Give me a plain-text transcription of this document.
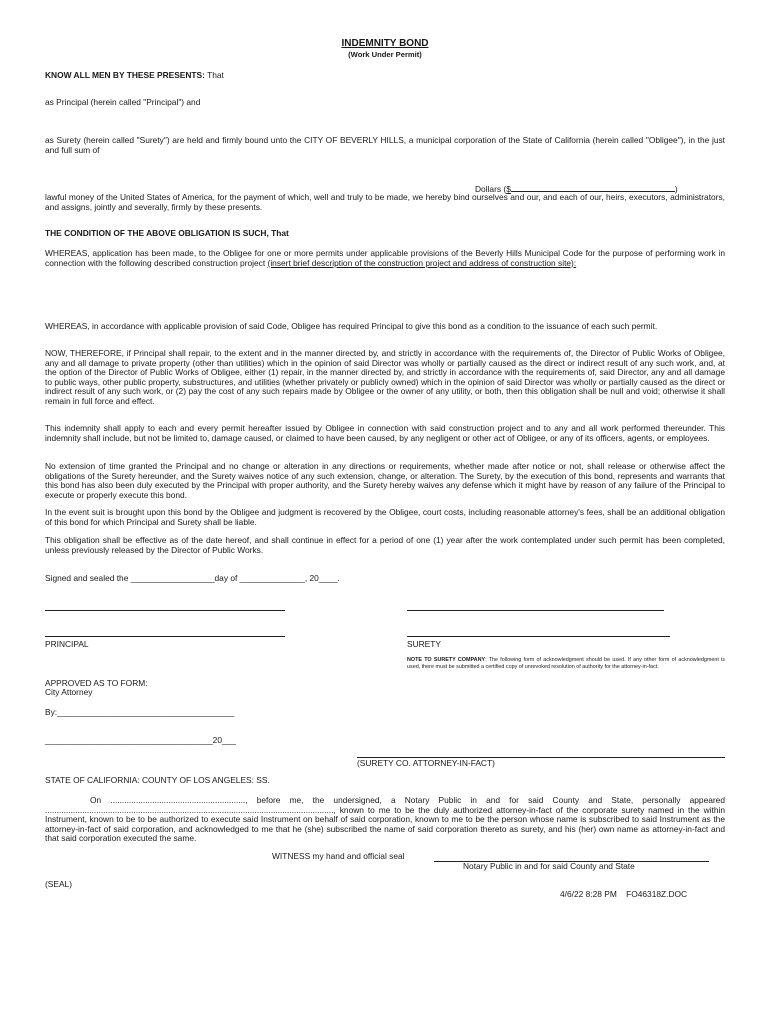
INDEMNITY BOND
(Work Under Permit)
KNOW ALL MEN BY THESE PRESENTS: That
as Principal (herein called "Principal") and
as Surety (herein called "Surety") are held and firmly bound unto the CITY OF BEVERLY HILLS, a municipal corporation of the State of California (herein called "Obligee"), in the just and full sum of
Dollars ($	)
lawful money of the United States of America, for the payment of which, well and truly to be made, we hereby bind ourselves and our, and each of our, heirs, executors, administrators, and assigns, jointly and severally, firmly by these presents.
THE CONDITION OF THE ABOVE OBLIGATION IS SUCH, That
WHEREAS, application has been made, to the Obligee for one or more permits under applicable provisions of the Beverly Hills Municipal Code for the purpose of performing work in connection with the following described construction project (insert brief description of the construction project and address of construction site):
WHEREAS, in accordance with applicable provision of said Code, Obligee has required Principal to give this bond as a condition to the issuance of each such permit.
NOW, THEREFORE, if Principal shall repair, to the extent and in the manner directed by, and strictly in accordance with the requirements of, the Director of Public Works of Obligee, any and all damage to private property (other than utilities) which in the opinion of said Director was wholly or partially caused as the direct or indirect result of any such work, and, at the option of the Director of Public Works of Obligee, either (1) repair, in the manner directed by, and strictly in accordance with the requirements of, said Director, any and all damage to public ways, other public property, substructures, and utilities (whether privately or publicly owned) which in the opinion of said Director was wholly or partially caused as the direct or indirect result of any such work, or (2) pay the cost of any such repairs made by Obligee or the owner of any utility, or both, then this obligation shall be null and void; otherwise it shall remain in full force and effect.
This indemnity shall apply to each and every permit hereafter issued by Obligee in connection with said construction project and to any and all work performed thereunder. This indemnity shall include, but not be limited to, damage caused, or claimed to have been caused, by any negligent or other act of Obligee, or any of its officers, agents, or employees.
No extension of time granted the Principal and no change or alteration in any directions or requirements, whether made after notice or not, shall release or otherwise affect the obligations of the Surety hereunder, and the Surety waives notice of any such extension, change, or alteration. The Surety, by the execution of this bond, represents and warrants that this bond has also been duly executed by the Principal with proper authority, and the Surety hereby waives any defense which it might have by reason of any failure of the Principal to execute or properly execute this bond.
In the event suit is brought upon this bond by the Obligee and judgment is recovered by the Obligee, court costs, including reasonable attorney's fees, shall be an additional obligation of this bond for which Principal and Surety shall be liable.
This obligation shall be effective as of the date hereof, and shall continue in effect for a period of one (1) year after the work contemplated under such permit has been completed, unless previously released by the Director of Public Works.
Signed and sealed the __________________day of ______________, 20____.
PRINCIPAL	SURETY
NOTE TO SURETY COMPANY: The following form of acknowledgment should be used. If any other form of acknowledgment is used, there must be submitted a certified copy of unrevoked resolution of authority for the attorney-in-fact.
APPROVED AS TO FORM:
City Attorney
By:______________________________________
____________________________________20___
(SURETY CO. ATTORNEY-IN-FACT)
STATE OF CALIFORNIA: COUNTY OF LOS ANGELES: SS.
On .........................................................., before me, the undersigned, a Notary Public in and for said County and State, personally appeared ............................................................................................................................, known to me to be the duly authorized attorney-in-fact of the corporate surety named in the within Instrument, known to be to be authorized to execute said Instrument on behalf of said corporation, known to me to be the person whose name is subscribed to said Instrument as the attorney-in-fact of said corporation, and acknowledged to me that he (she) subscribed the name of said corporation thereto as surety, and his (her) own name as attorney-in-fact and that said corporation executed the same.
WITNESS my hand and official seal
Notary Public in and for said County and State
(SEAL)
4/6/22 8:28 PM    FO46318Z.DOC
